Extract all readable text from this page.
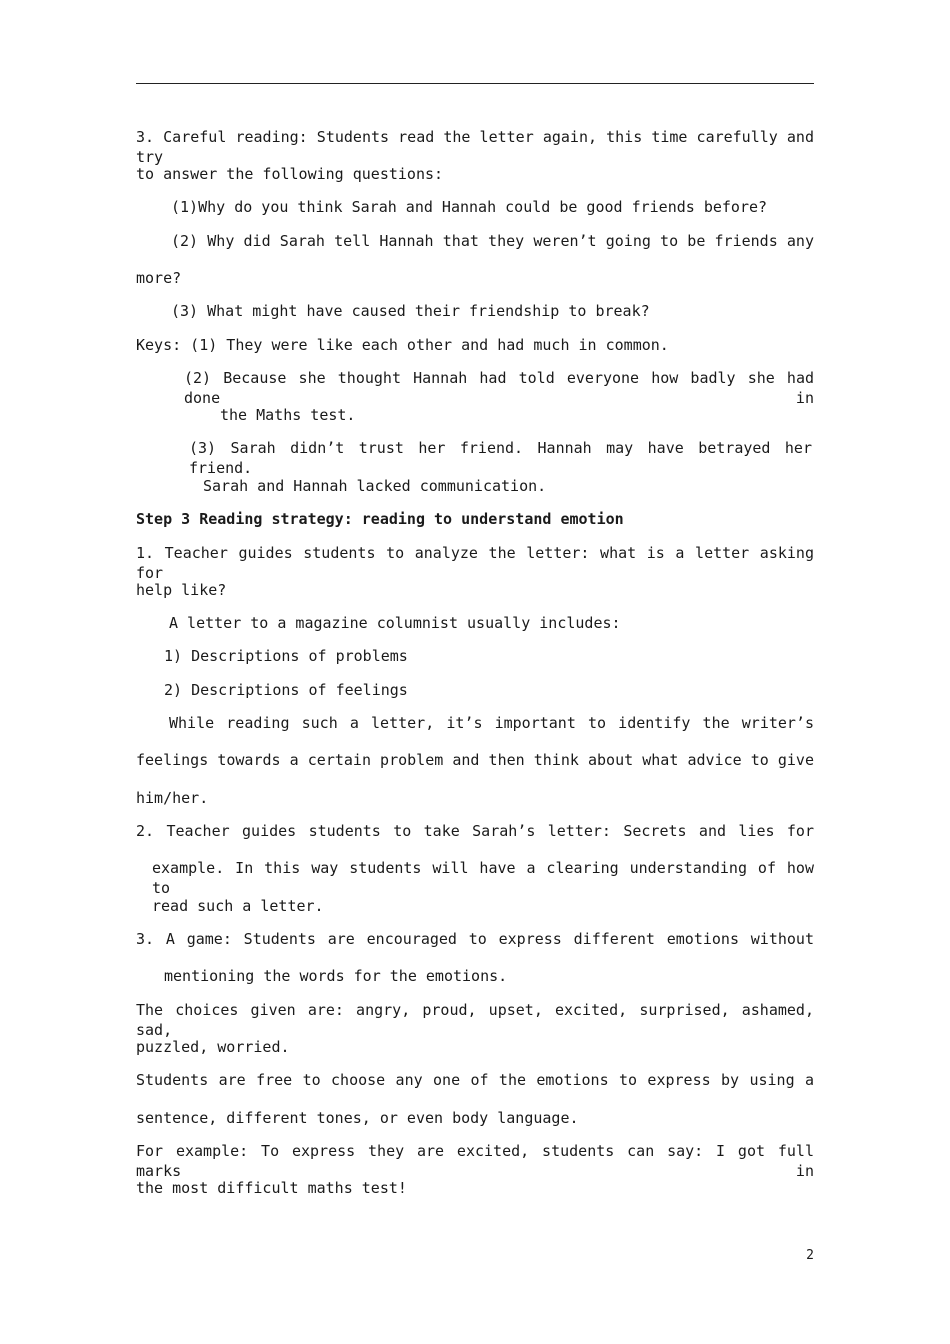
3. Careful reading: Students read the letter again, this time carefully and try
to answer the following questions:
(1)Why do you think Sarah and Hannah could be good friends before?
(2) Why did Sarah tell Hannah that they weren’t going to be friends any
more?
(3) What might have caused their friendship to break?
Keys: (1) They were like each other and had much in common.
(2) Because she thought Hannah had told everyone how badly she had done in
the Maths test.
(3) Sarah didn’t trust her friend. Hannah may have betrayed her friend.
Sarah and Hannah lacked communication.
Step 3 Reading strategy: reading to understand emotion
1. Teacher guides students to analyze the letter: what is a letter asking for
help like?
A letter to a magazine columnist usually includes:
1) Descriptions of problems
2) Descriptions of feelings
While reading such a letter, it’s important to identify the writer’s
feelings towards a certain problem and then think about what advice to give
him/her.
2. Teacher guides students to take Sarah’s letter: Secrets and lies for
example. In this way students will have a clearing understanding of how to
read such a letter.
3. A game: Students are encouraged to express different emotions without
mentioning the words for the emotions.
The choices given are: angry, proud, upset, excited, surprised, ashamed, sad,
puzzled, worried.
Students are free to choose any one of the emotions to express by using a
sentence, different tones, or even body language.
For example: To express they are excited, students can say: I got full marks in
the most difficult maths test!
2
